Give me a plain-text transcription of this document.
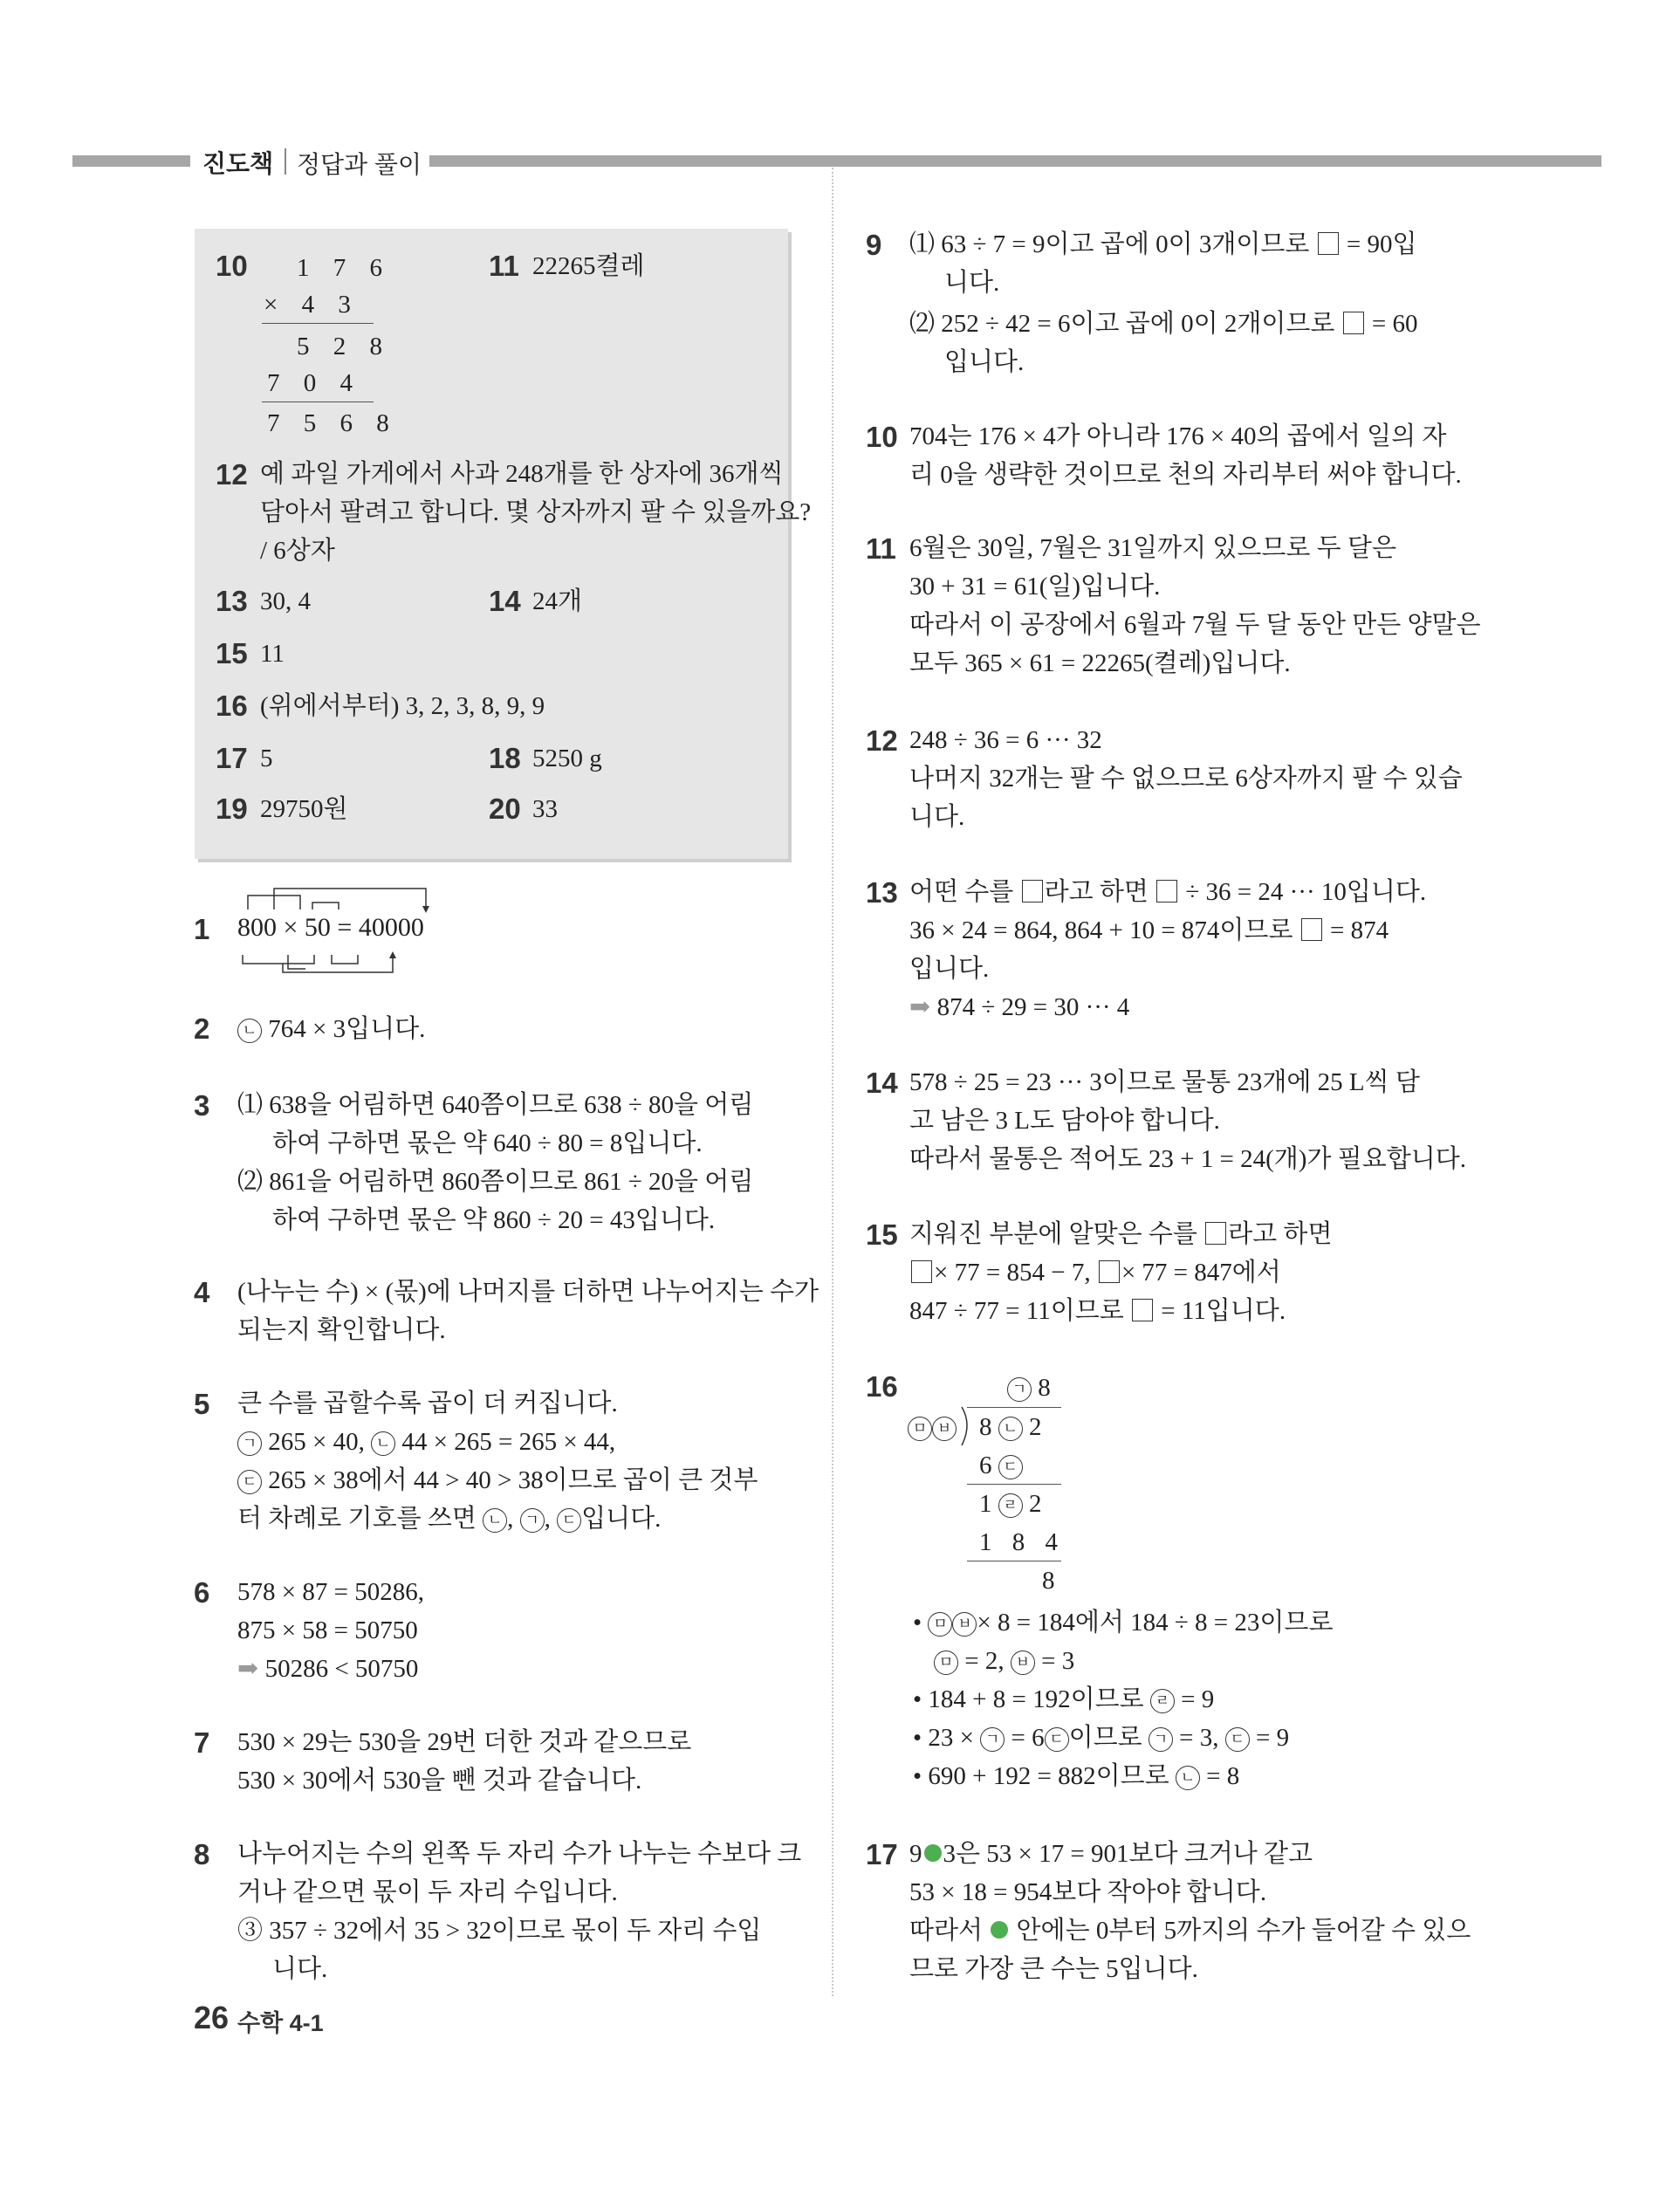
진도책 정답과 풀이
10 1 7 6
× 4 3
5 2 8
7 0 4
7 5 6 8
11 22265켤레
12 예 과일 가게에서 사과 248개를 한 상자에 36개씩
담아서 팔려고 합니다. 몇 상자까지 팔 수 있을까요?
/ 6상자
13 30, 4	14 24개
15 11
16 (위에서부터) 3, 2, 3, 8, 9, 9
17 5	18 5250 g
19 29750원	20 33
1 800 × 50 = 40000
2	ㄴ 764 × 3입니다.
3 ⑴ 638을 어림하면 640쯤이므로 638 ÷ 80을 어림
하여 구하면 몫은 약 640 ÷ 80 = 8입니다.
⑵ 861을 어림하면 860쯤이므로 861 ÷ 20을 어림
하여 구하면 몫은 약 860 ÷ 20 = 43입니다.
4 (나누는 수) × (몫)에 나머지를 더하면 나누어지는 수가
되는지 확인합니다.
5 큰 수를 곱할수록 곱이 더 커집니다.
ㄱ 265 × 40, ㄴ 44 × 265 = 265 × 44,
ㄷ 265 × 38에서 44 > 40 > 38이므로 곱이 큰 것부
터 차례로 기호를 쓰면 ㄴ , ㄱ , ㄷ 입니다.
6 578 × 87 = 50286,
875 × 58 = 50750
➡ 50286 < 50750
7 530 × 29는 530을 29번 더한 것과 같으므로
530 × 30에서 530을 뺀 것과 같습니다.
8 나누어지는 수의 왼쪽 두 자리 수가 나누는 수보다 크
거나 같으면 몫이 두 자리 수입니다.
③ 357 ÷ 32에서 35 > 32이므로 몫이 두 자리 수입
니다.
26 수학 4-1
9 ⑴ 63 ÷ 7 = 9이고 곱에 0이 3개이므로 = 90입
니다.
⑵ 252 ÷ 42 = 6이고 곱에 0이 2개이므로 = 60
입니다.
10 704는 176 × 4가 아니라 176 × 40의 곱에서 일의 자
리 0을 생략한 것이므로 천의 자리부터 써야 합니다.
11 6월은 30일, 7월은 31일까지 있으므로 두 달은
30 + 31 = 61(일)입니다.
따라서 이 공장에서 6월과 7월 두 달 동안 만든 양말은
모두 365 × 61 = 22265(켤레)입니다.
12 248 ÷ 36 = 6 ··· 32
나머지 32개는 팔 수 없으므로 6상자까지 팔 수 있습
니다.
13 어떤 수를 라고 하면 ÷ 36 = 24 ··· 10입니다.
36 × 24 = 864, 864 + 10 = 874이므로 = 874
입니다.
➡ 874 ÷ 29 = 30 ··· 4
14 578 ÷ 25 = 23 ··· 3이므로 물통 23개에 25 L씩 담
고 남은 3 L도 담아야 합니다.
따라서 물통은 적어도 23 + 1 = 24(개)가 필요합니다.
15 지워진 부분에 알맞은 수를 라고 하면
× 77 = 854 − 7, × 77 = 847에서
847 ÷ 77 = 11이므로 = 11입니다.
16	ㄱ 8
ㅁ ㅂ 8 ㄴ 2
6 ㄷ
1 ㄹ 2
1 8 4
8
• ㅁ ㅂ × 8 = 184에서 184 ÷ 8 = 23이므로
ㅁ = 2, ㅂ = 3
• 184 + 8 = 192이므로 ㄹ = 9
• 23 × ㄱ = 6 ㄷ 이므로 ㄱ = 3, ㄷ = 9
• 690 + 192 = 882이므로 ㄴ = 8
17 9 3은 53 × 17 = 901보다 크거나 같고
53 × 18 = 954보다 작아야 합니다.
따라서 안에는 0부터 5까지의 수가 들어갈 수 있으
므로 가장 큰 수는 5입니다.
